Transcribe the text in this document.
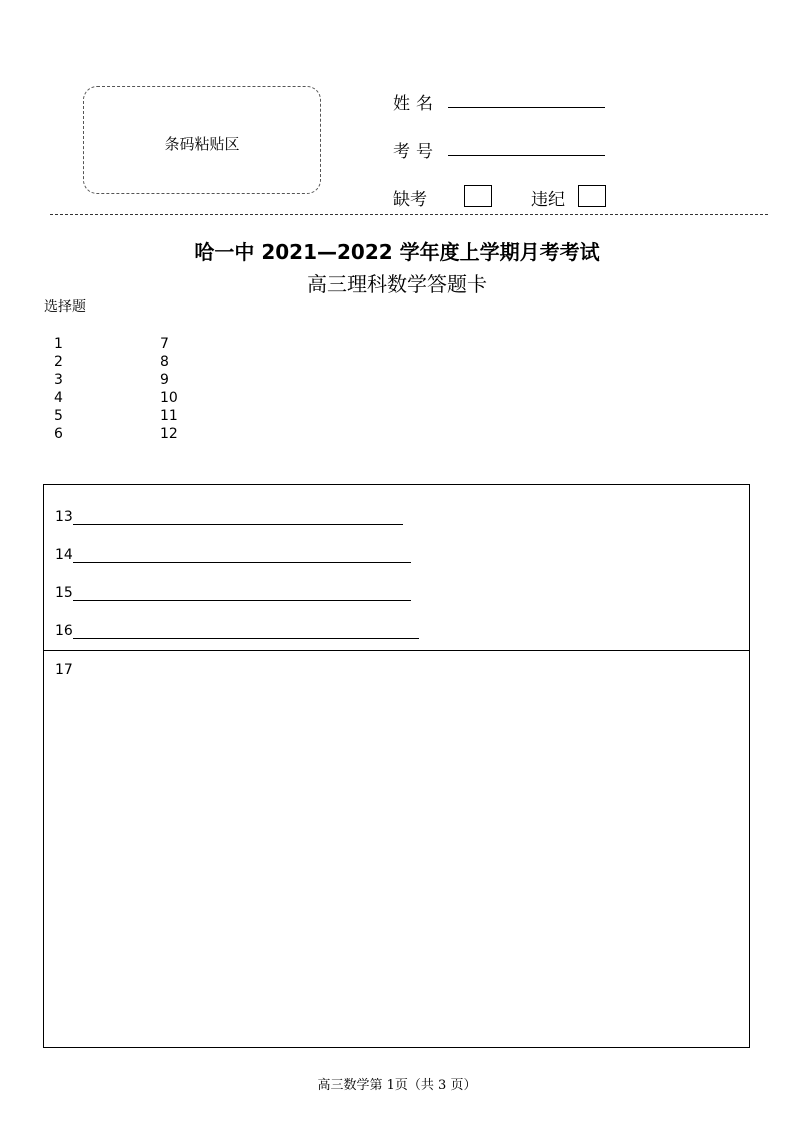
条码粘贴区
姓名
考号
缺考	违纪
哈一中 2021—2022 学年度上学期月考考试
高三理科数学答题卡
选择题
1
2
3
4
5
6
7
8
9
10
11
12
13
14
15
16
17
高三数学第 1页（共 3 页）
